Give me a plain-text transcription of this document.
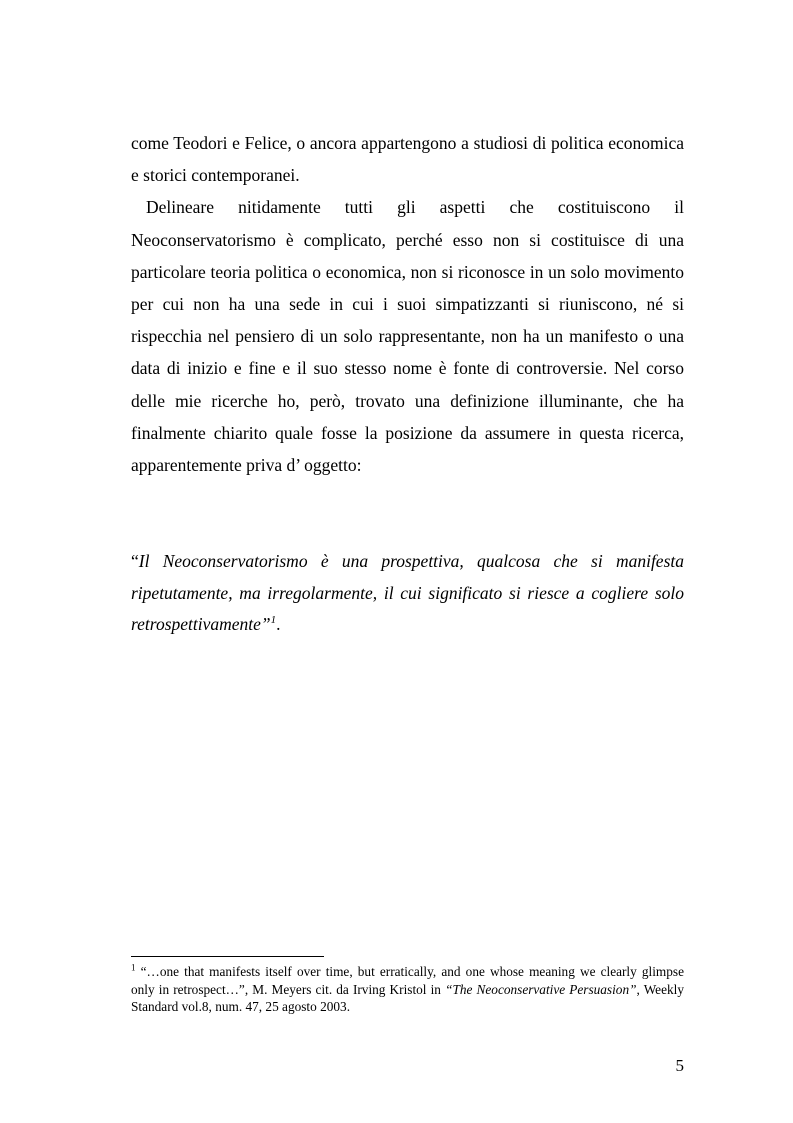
come Teodori e Felice, o ancora appartengono a studiosi di politica economica e storici contemporanei.

Delineare nitidamente tutti gli aspetti che costituiscono il Neoconservatorismo è complicato, perché esso non si costituisce di una particolare teoria politica o economica, non si riconosce in un solo movimento per cui non ha una sede in cui i suoi simpatizzanti si riuniscono, né si rispecchia nel pensiero di un solo rappresentante, non ha un manifesto o una data di inizio e fine e il suo stesso nome è fonte di controversie. Nel corso delle mie ricerche ho, però, trovato una definizione illuminante, che ha finalmente chiarito quale fosse la posizione da assumere in questa ricerca, apparentemente priva d’ oggetto:

“Il Neoconservatorismo è una prospettiva, qualcosa che si manifesta ripetutamente, ma irregolarmente, il cui significato si riesce a cogliere solo retrospettivamente”$^1$.

$^1$ “…one that manifests itself over time, but erratically, and one whose meaning we clearly glimpse only in retrospect…”, M. Meyers cit. da Irving Kristol in “The Neoconservative Persuasion”, Weekly Standard vol.8, num. 47, 25 agosto 2003.

5
